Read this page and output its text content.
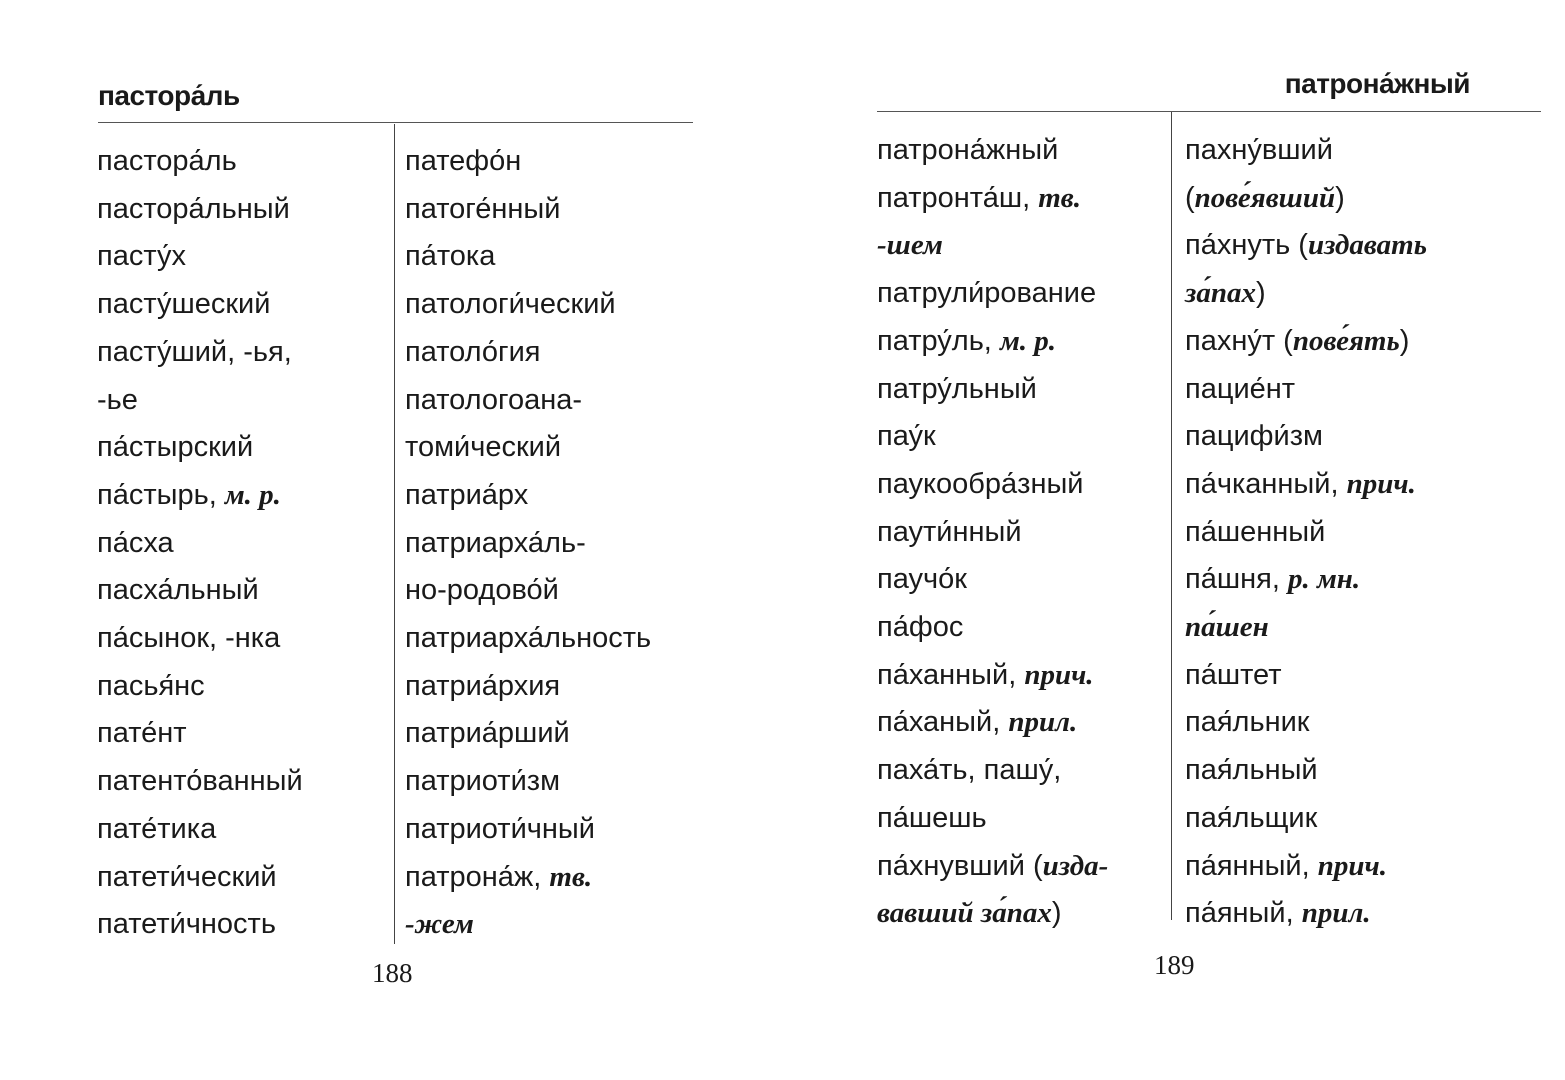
пастора́ль
пастора́ль
пастора́льный
пасту́х
пасту́шеский
пасту́ший, -ья,
-ье
па́стырский
па́стырь, м. р.
па́сха
пасха́льный
па́сынок, -нка
пасья́нс
пате́нт
патенто́ванный
пате́тика
патети́ческий
патети́чность
патефо́н
патоге́нный
па́тока
патологи́ческий
патоло́гия
патологоана-
томи́ческий
патриа́рх
патриарха́ль-
но-родово́й
патриарха́льность
патриа́рхия
патриа́рший
патриоти́зм
патриоти́чный
патрона́ж, тв.
-жем
188
патрона́жный
патрона́жный
патронта́ш, тв.
-шем
патрули́рование
патру́ль, м. р.
патру́льный
пау́к
паукообра́зный
паути́нный
паучо́к
па́фос
па́ханный, прич.
па́ханый, прил.
паха́ть, пашу́,
па́шешь
па́хнувший (изда-
вавший за́пах)
пахну́вший
(пове́явший)
па́хнуть (издавать
за́пах)
пахну́т (пове́ять)
пацие́нт
пацифи́зм
па́чканный, прич.
па́шенный
па́шня, р. мн.
па́шен
па́штет
пая́льник
пая́льный
пая́льщик
па́янный, прич.
па́яный, прил.
189
